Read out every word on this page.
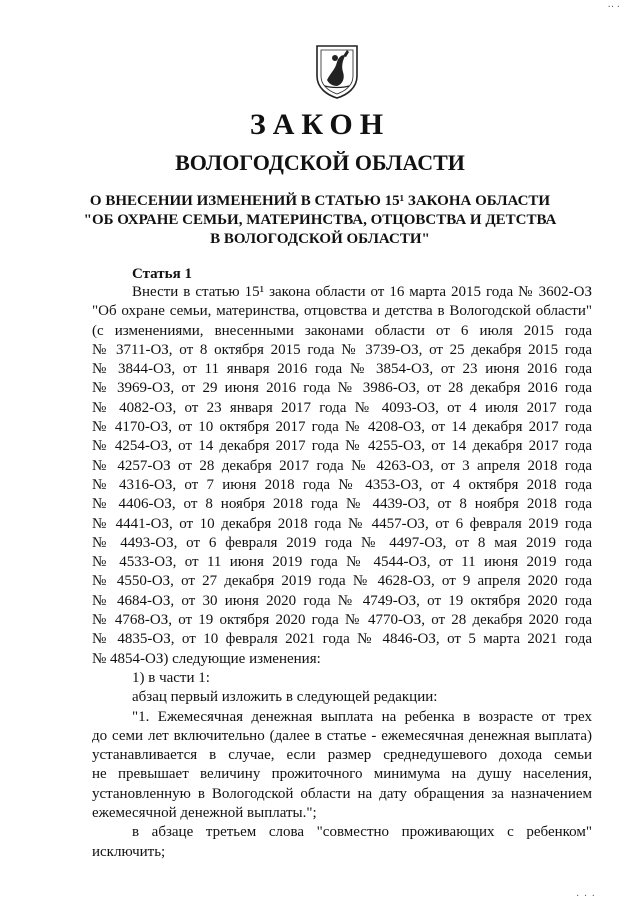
·· ·
ЗАКОН
ВОЛОГОДСКОЙ ОБЛАСТИ
О ВНЕСЕНИИ ИЗМЕНЕНИЙ В СТАТЬЮ 15¹ ЗАКОНА ОБЛАСТИ
"ОБ ОХРАНЕ СЕМЬИ, МАТЕРИНСТВА, ОТЦОВСТВА И ДЕТСТВА
В ВОЛОГОДСКОЙ ОБЛАСТИ"
Статья 1
Внести в статью 15¹ закона области от 16 марта 2015 года № 3602-ОЗ
"Об охране семьи, материнства, отцовства и детства в Вологодской области"
(с изменениями, внесенными законами области от 6 июля 2015 года
№ 3711-ОЗ, от 8 октября 2015 года № 3739-ОЗ, от 25 декабря 2015 года
№ 3844-ОЗ, от 11 января 2016 года № 3854-ОЗ, от 23 июня 2016 года
№ 3969-ОЗ, от 29 июня 2016 года № 3986-ОЗ, от 28 декабря 2016 года
№ 4082-ОЗ, от 23 января 2017 года № 4093-ОЗ, от 4 июля 2017 года
№ 4170-ОЗ, от 10 октября 2017 года № 4208-ОЗ, от 14 декабря 2017 года
№ 4254-ОЗ, от 14 декабря 2017 года № 4255-ОЗ, от 14 декабря 2017 года
№ 4257-ОЗ от 28 декабря 2017 года № 4263-ОЗ, от 3 апреля 2018 года
№ 4316-ОЗ, от 7 июня 2018 года № 4353-ОЗ, от 4 октября 2018 года
№ 4406-ОЗ, от 8 ноября 2018 года № 4439-ОЗ, от 8 ноября 2018 года
№ 4441-ОЗ, от 10 декабря 2018 года № 4457-ОЗ, от 6 февраля 2019 года
№ 4493-ОЗ, от 6 февраля 2019 года № 4497-ОЗ, от 8 мая 2019 года
№ 4533-ОЗ, от 11 июня 2019 года № 4544-ОЗ, от 11 июня 2019 года
№ 4550-ОЗ, от 27 декабря 2019 года № 4628-ОЗ, от 9 апреля 2020 года
№ 4684-ОЗ, от 30 июня 2020 года № 4749-ОЗ, от 19 октября 2020 года
№ 4768-ОЗ, от 19 октября 2020 года № 4770-ОЗ, от 28 декабря 2020 года
№ 4835-ОЗ, от 10 февраля 2021 года № 4846-ОЗ, от 5 марта 2021 года
№ 4854-ОЗ) следующие изменения:
1) в части 1:
абзац первый изложить в следующей редакции:
"1. Ежемесячная денежная выплата на ребенка в возрасте от трех
до семи лет включительно (далее в статье - ежемесячная денежная выплата)
устанавливается в случае, если размер среднедушевого дохода семьи
не превышает величину прожиточного минимума на душу населения,
установленную в Вологодской области на дату обращения за назначением
ежемесячной денежной выплаты.";
в абзаце третьем слова "совместно проживающих с ребенком"
исключить;
· · ·
